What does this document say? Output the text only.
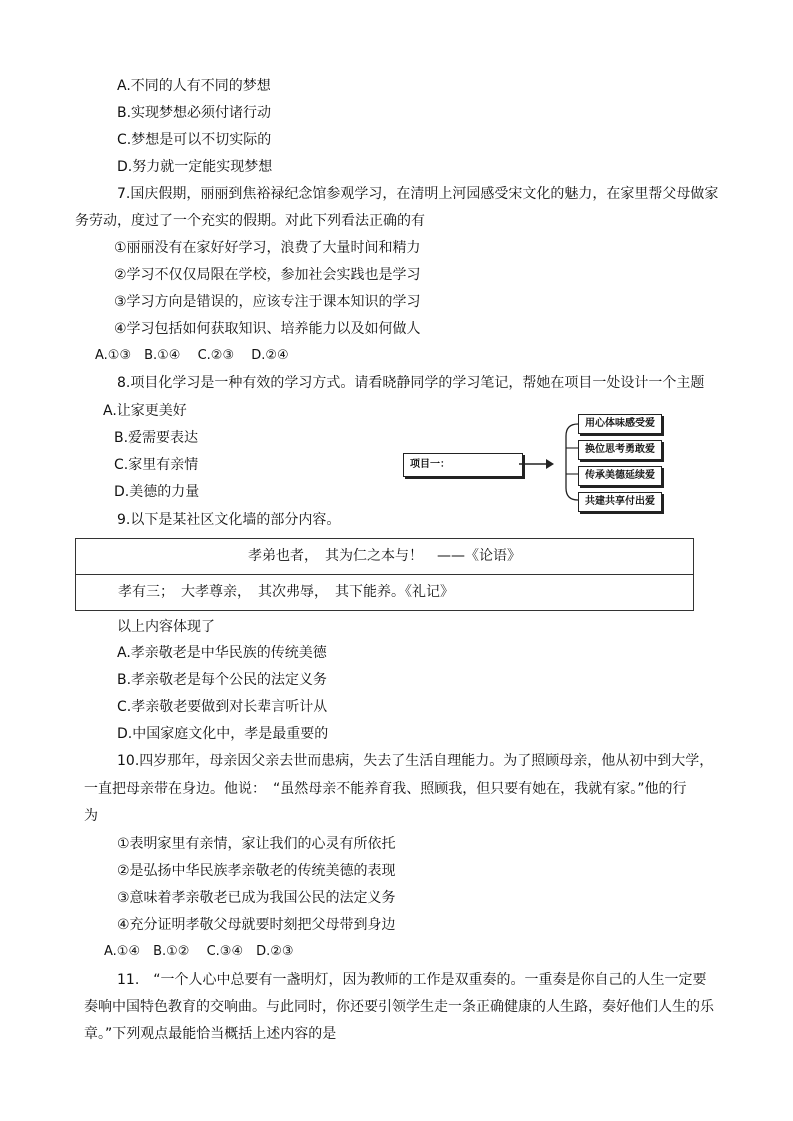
A.不同的人有不同的梦想
B.实现梦想必须付诸行动
C.梦想是可以不切实际的
D.努力就一定能实现梦想
7.国庆假期，丽丽到焦裕禄纪念馆参观学习，在清明上河园感受宋文化的魅力，在家里帮父母做家
务劳动，度过了一个充实的假期。对此下列看法正确的有
①丽丽没有在家好好学习，浪费了大量时间和精力
②学习不仅仅局限在学校，参加社会实践也是学习
③学习方向是错误的，应该专注于课本知识的学习
④学习包括如何获取知识、培养能力以及如何做人
A.①③　B.①④　 C.②③　 D.②④
8.项目化学习是一种有效的学习方式。请看晓静同学的学习笔记，帮她在项目一处设计一个主题
A.让家更美好
B.爱需要表达
C.家里有亲情
D.美德的力量
项目一：
用心体味感受爱
换位思考勇敢爱
传承美德延续爱
共建共享付出爱
9.以下是某社区文化墙的部分内容。
孝弟也者，　其为仁之本与！　——《论语》
孝有三；　大孝尊亲，　其次弗辱，　其下能养。《礼记》
以上内容体现了
A.孝亲敬老是中华民族的传统美德
B.孝亲敬老是每个公民的法定义务
C.孝亲敬老要做到对长辈言听计从
D.中国家庭文化中，孝是最重要的
10.四岁那年，母亲因父亲去世而患病，失去了生活自理能力。为了照顾母亲，他从初中到大学，
一直把母亲带在身边。他说：　“虽然母亲不能养育我、照顾我，但只要有她在，我就有家。”他的行
为
①表明家里有亲情，家让我们的心灵有所依托
②是弘扬中华民族孝亲敬老的传统美德的表现
③意味着孝亲敬老已成为我国公民的法定义务
④充分证明孝敬父母就要时刻把父母带到身边
A.①④　B.①②　 C.③④　D.②③
11.　“一个人心中总要有一盏明灯，因为教师的工作是双重奏的。一重奏是你自己的人生一定要
奏响中国特色教育的交响曲。与此同时，你还要引领学生走一条正确健康的人生路，奏好他们人生的乐
章。”下列观点最能恰当概括上述内容的是
